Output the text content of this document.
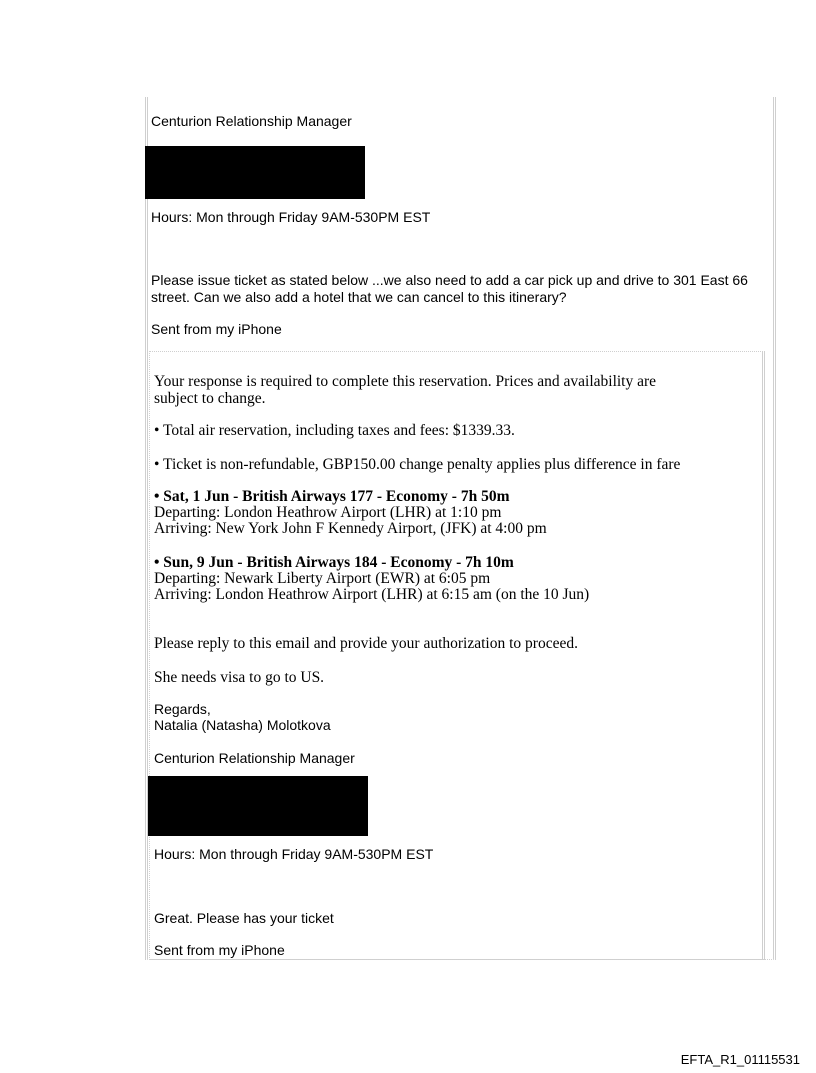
Centurion Relationship Manager
Hours: Mon through Friday 9AM-530PM EST
Please issue ticket as stated below ...we also need to add a car pick up and drive to 301 East 66
street. Can we also add a hotel that we can cancel to this itinerary?
Sent from my iPhone
Your response is required to complete this reservation. Prices and availability are
subject to change.
• Total air reservation, including taxes and fees: $1339.33.
• Ticket is non-refundable, GBP150.00 change penalty applies plus difference in fare
• Sat, 1 Jun - British Airways 177 - Economy - 7h 50m
Departing: London Heathrow Airport (LHR) at 1:10 pm
Arriving: New York John F Kennedy Airport, (JFK) at 4:00 pm
• Sun, 9 Jun - British Airways 184 - Economy - 7h 10m
Departing: Newark Liberty Airport (EWR) at 6:05 pm
Arriving: London Heathrow Airport (LHR) at 6:15 am (on the 10 Jun)
Please reply to this email and provide your authorization to proceed.
She needs visa to go to US.
Regards,
Natalia (Natasha) Molotkova
Centurion Relationship Manager
Hours: Mon through Friday 9AM-530PM EST
Great. Please has your ticket
Sent from my iPhone
EFTA_R1_01115531
